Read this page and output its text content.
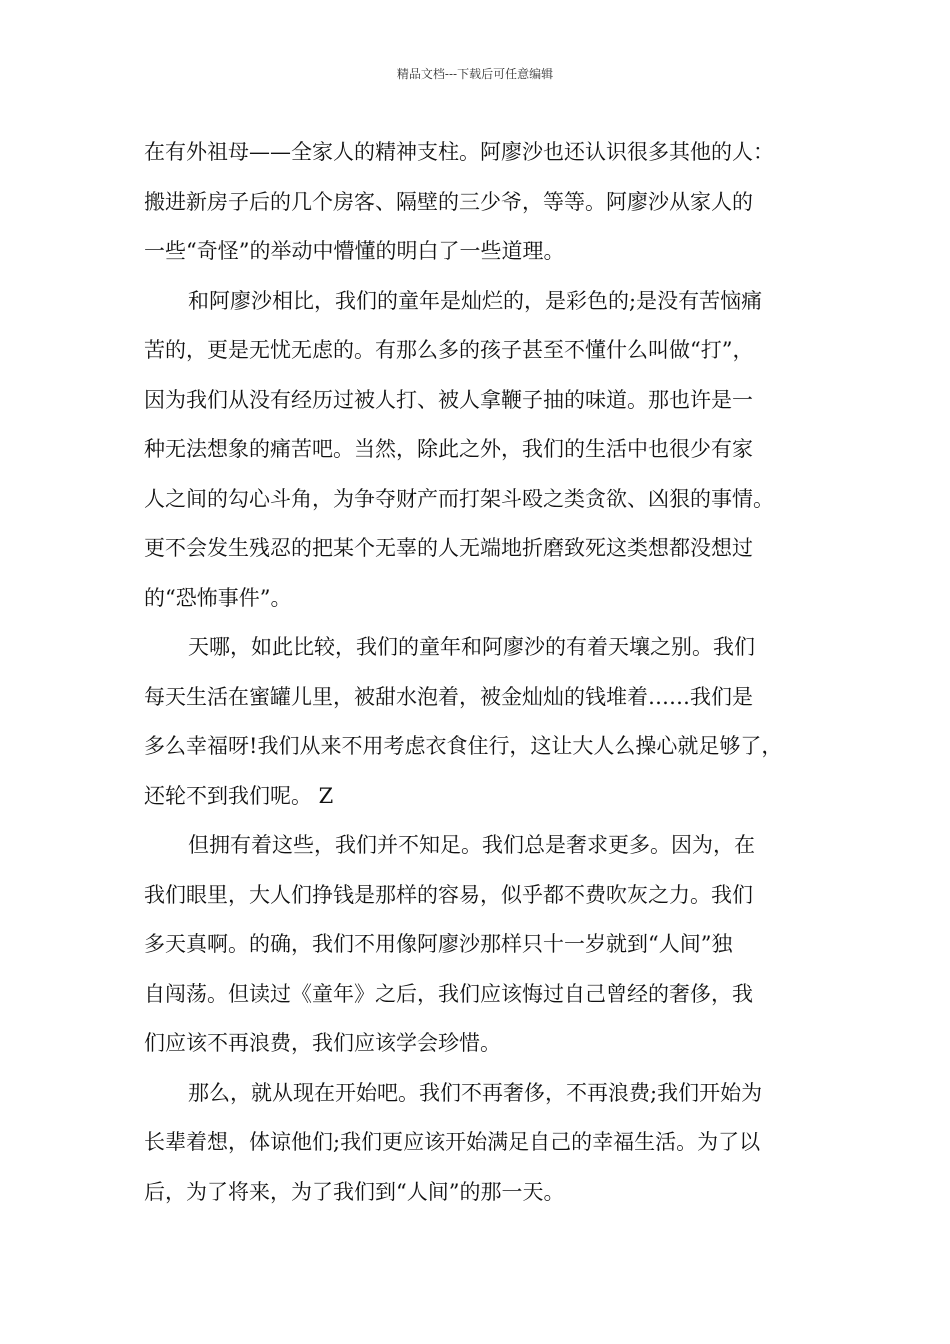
精品文档---下载后可任意编辑
在有外祖母——全家人的精神支柱。阿廖沙也还认识很多其他的人：
搬进新房子后的几个房客、隔壁的三少爷，等等。阿廖沙从家人的
一些“奇怪”的举动中懵懂的明白了一些道理。
和阿廖沙相比，我们的童年是灿烂的，是彩色的;是没有苦恼痛
苦的，更是无忧无虑的。有那么多的孩子甚至不懂什么叫做“打”，
因为我们从没有经历过被人打、被人拿鞭子抽的味道。那也许是一
种无法想象的痛苦吧。当然，除此之外，我们的生活中也很少有家
人之间的勾心斗角，为争夺财产而打架斗殴之类贪欲、凶狠的事情。
更不会发生残忍的把某个无辜的人无端地折磨致死这类想都没想过
的“恐怖事件”。
天哪，如此比较，我们的童年和阿廖沙的有着天壤之别。我们
每天生活在蜜罐儿里，被甜水泡着，被金灿灿的钱堆着……我们是
多么幸福呀!我们从来不用考虑衣食住行，这让大人么操心就足够了，
还轮不到我们呢。 Z
但拥有着这些，我们并不知足。我们总是奢求更多。因为，在
我们眼里，大人们挣钱是那样的容易，似乎都不费吹灰之力。我们
多天真啊。的确，我们不用像阿廖沙那样只十一岁就到“人间”独
自闯荡。但读过《童年》之后，我们应该悔过自己曾经的奢侈，我
们应该不再浪费，我们应该学会珍惜。
那么，就从现在开始吧。我们不再奢侈，不再浪费;我们开始为
长辈着想，体谅他们;我们更应该开始满足自己的幸福生活。为了以
后，为了将来，为了我们到“人间”的那一天。
